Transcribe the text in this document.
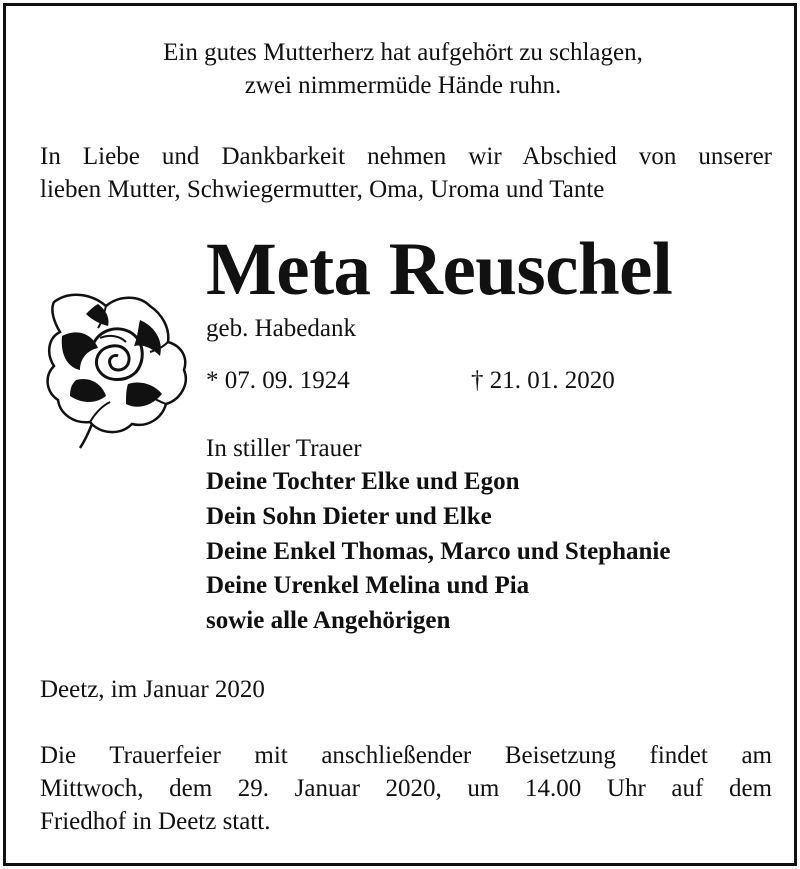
Ein gutes Mutterherz hat aufgehört zu schlagen,
zwei nimmermüde Hände ruhn.
In Liebe und Dankbarkeit nehmen wir Abschied von unserer
lieben Mutter, Schwiegermutter, Oma, Uroma und Tante
Meta Reuschel
geb. Habedank
* 07. 09. 1924	† 21. 01. 2020
In stiller Trauer
Deine Tochter Elke und Egon
Dein Sohn Dieter und Elke
Deine Enkel Thomas, Marco und Stephanie
Deine Urenkel Melina und Pia
sowie alle Angehörigen
Deetz, im Januar 2020
Die Trauerfeier mit anschließender Beisetzung findet am
Mittwoch, dem 29. Januar 2020, um 14.00 Uhr auf dem
Friedhof in Deetz statt.
